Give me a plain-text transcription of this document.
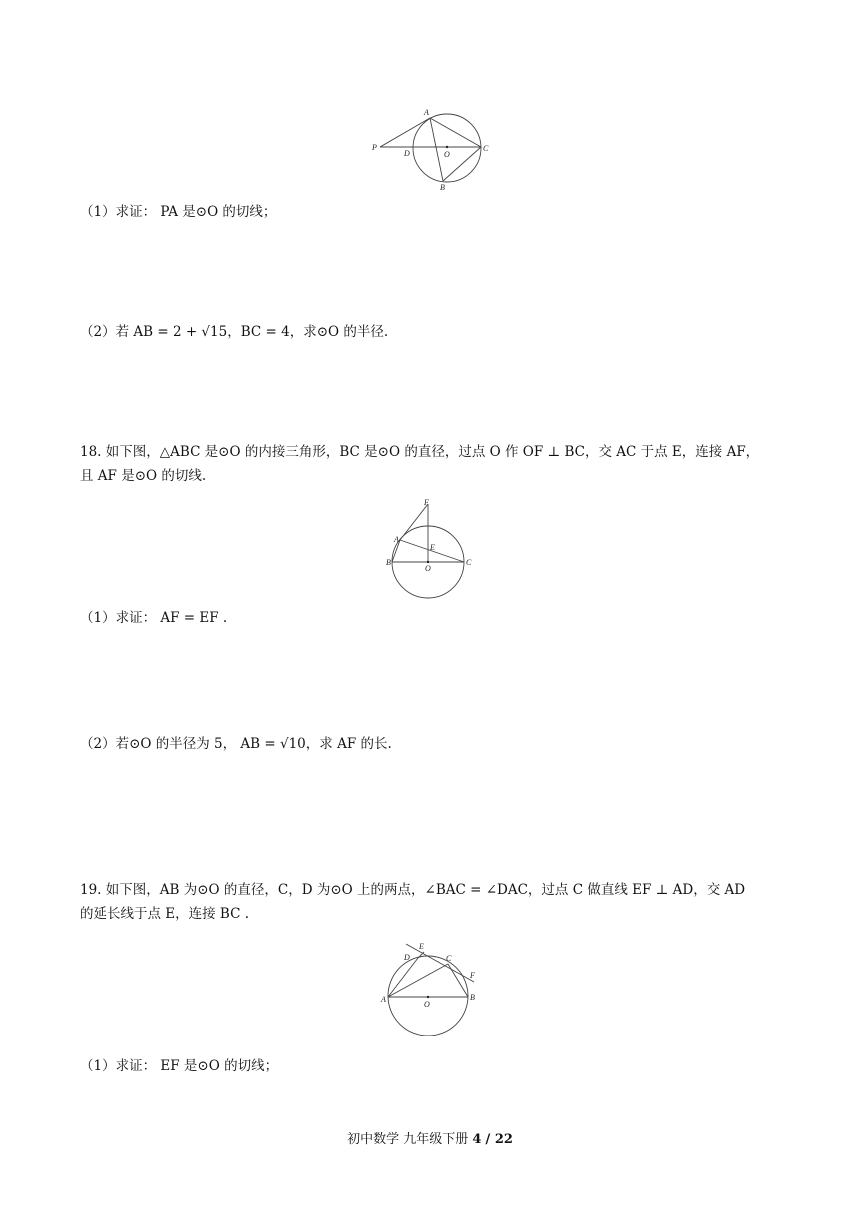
A
P
D	O
C
B
（1）求证： PA 是⊙O 的切线；
（2）若 AB = 2 + √15，BC = 4，求⊙O 的半径.
18. 如下图，△ABC 是⊙O 的内接三角形，BC 是⊙O 的直径，过点 O 作 OF ⊥ BC，交 AC 于点 E，连接 AF，
且 AF 是⊙O 的切线.
F
A
E
B
O
C
（1）求证： AF = EF .
（2）若⊙O 的半径为 5， AB = √10，求 AF 的长.
19. 如下图，AB 为⊙O 的直径，C，D 为⊙O 上的两点，∠BAC = ∠DAC，过点 C 做直线 EF ⊥ AD，交 AD
的延长线于点 E，连接 BC .
E
D	C
F
A
O
B
（1）求证： EF 是⊙O 的切线；
初中数学 九年级下册 4 / 22
